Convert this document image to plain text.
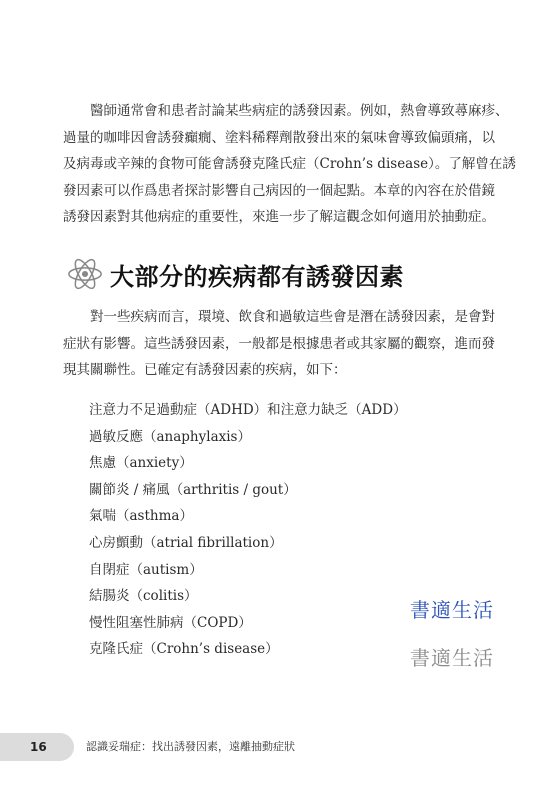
醫師通常會和患者討論某些病症的誘發因素。例如，熱會導致蕁麻疹、
過量的咖啡因會誘發癲癇、塗料稀釋劑散發出來的氣味會導致偏頭痛，以
及病毒或辛辣的食物可能會誘發克隆氏症（Crohn’s disease）。了解曾在誘
發因素可以作爲患者探討影響自己病因的一個起點。本章的內容在於借鏡
誘發因素對其他病症的重要性，來進一步了解這觀念如何適用於抽動症。
大部分的疾病都有誘發因素
對一些疾病而言，環境、飲食和過敏這些會是潛在誘發因素，是會對
症狀有影響。這些誘發因素，一般都是根據患者或其家屬的觀察，進而發
現其關聯性。已確定有誘發因素的疾病，如下：
注意力不足過動症（ADHD）和注意力缺乏（ADD）
過敏反應（anaphylaxis）
焦慮（anxiety）
關節炎 / 痛風（arthritis / gout）
氣喘（asthma）
心房顫動（atrial fibrillation）
自閉症（autism）
結腸炎（colitis）
慢性阻塞性肺病（COPD）
克隆氏症（Crohn’s disease）
書適生活
書適生活
16	認識妥瑞症：找出誘發因素，遠離抽動症狀
